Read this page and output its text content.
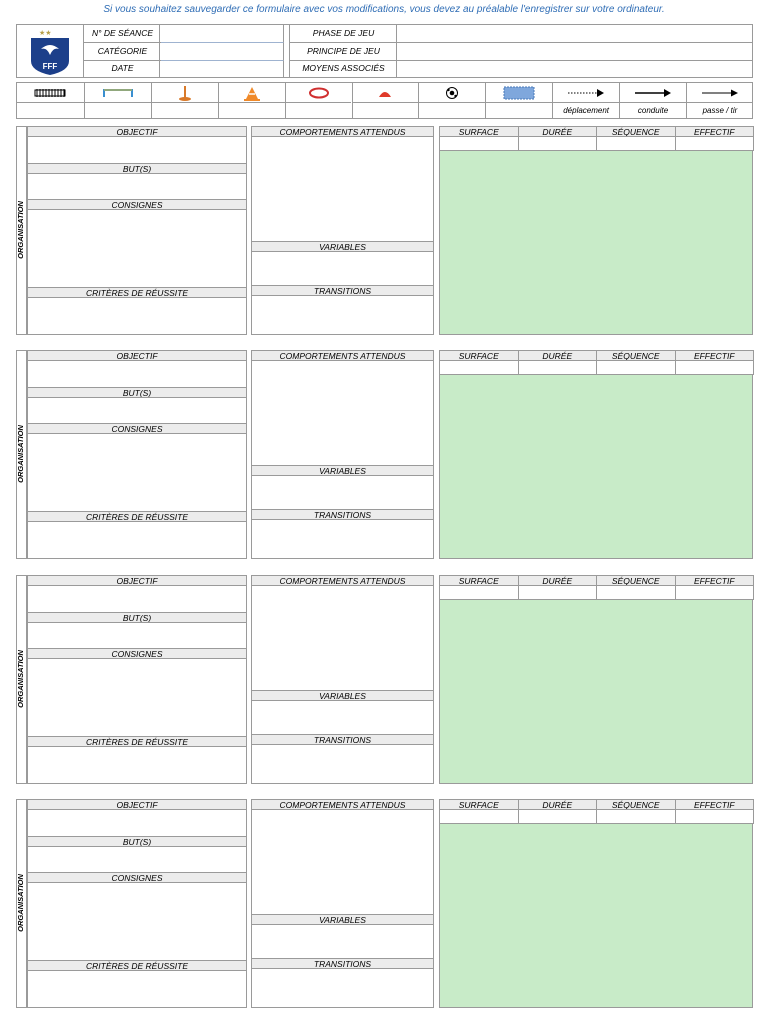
Si vous souhaitez sauvegarder ce formulaire avec vos modifications, vous devez au préalable l'enregistrer sur votre ordinateur.
★★
FFF
N° DE SÉANCE
CATÉGORIE
DATE
PHASE DE JEU
PRINCIPE DE JEU
MOYENS ASSOCIÉS
déplacement	conduite	passe / tir
ORGANISATION
OBJECTIF
BUT(S)
CONSIGNES
CRITÈRES DE RÉUSSITE
COMPORTEMENTS ATTENDUS
VARIABLES
TRANSITIONS
SURFACE	DURÉE	SÉQUENCE	EFFECTIF
ORGANISATION
OBJECTIF
BUT(S)
CONSIGNES
CRITÈRES DE RÉUSSITE
COMPORTEMENTS ATTENDUS
VARIABLES
TRANSITIONS
SURFACE	DURÉE	SÉQUENCE	EFFECTIF
ORGANISATION
OBJECTIF
BUT(S)
CONSIGNES
CRITÈRES DE RÉUSSITE
COMPORTEMENTS ATTENDUS
VARIABLES
TRANSITIONS
SURFACE	DURÉE	SÉQUENCE	EFFECTIF
ORGANISATION
OBJECTIF
BUT(S)
CONSIGNES
CRITÈRES DE RÉUSSITE
COMPORTEMENTS ATTENDUS
VARIABLES
TRANSITIONS
SURFACE	DURÉE	SÉQUENCE	EFFECTIF
